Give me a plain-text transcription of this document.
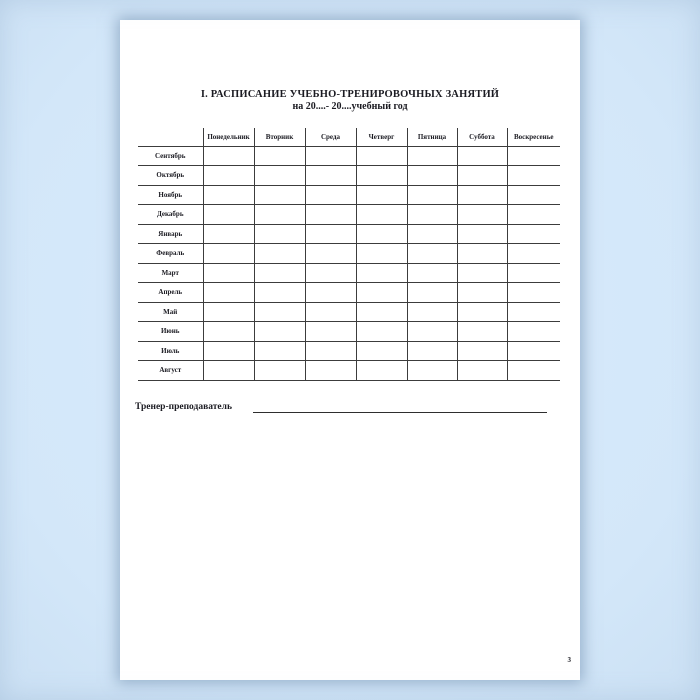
I. РАСПИСАНИЕ УЧЕБНО-ТРЕНИРОВОЧНЫХ ЗАНЯТИЙ
на 20....- 20....учебный год
	Понедельник	Вторник	Среда	Четверг	Пятница	Суббота	Воскресенье
Сентябрь							
Октябрь							
Ноябрь							
Декабрь							
Январь							
Февраль							
Март							
Апрель							
Май							
Июнь							
Июль							
Август							
Тренер-преподаватель
3
